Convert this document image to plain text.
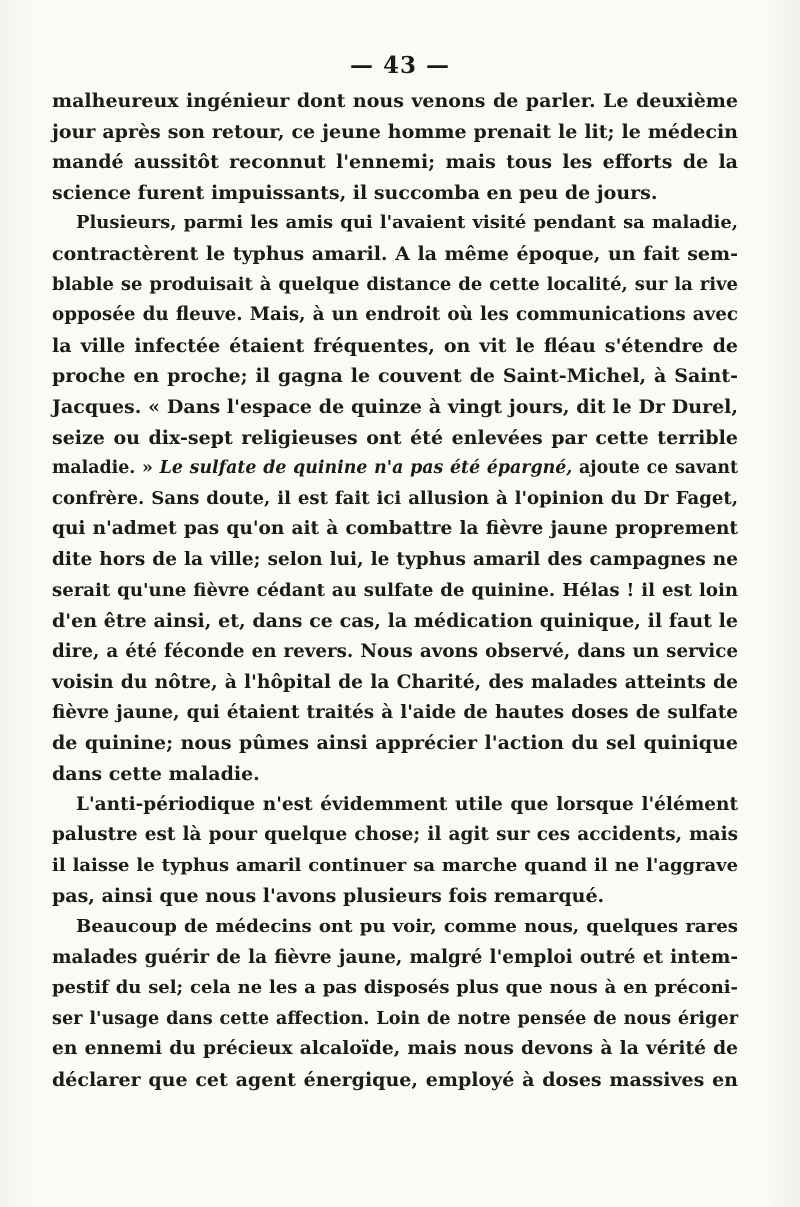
— 43 —
malheureux ingénieur dont nous venons de parler. Le deuxième
jour après son retour, ce jeune homme prenait le lit; le médecin
mandé aussitôt reconnut l'ennemi; mais tous les efforts de la
science furent impuissants, il succomba en peu de jours.
Plusieurs, parmi les amis qui l'avaient visité pendant sa maladie,
contractèrent le typhus amaril. A la même époque, un fait sem-
blable se produisait à quelque distance de cette localité, sur la rive
opposée du fleuve. Mais, à un endroit où les communications avec
la ville infectée étaient fréquentes, on vit le fléau s'étendre de
proche en proche; il gagna le couvent de Saint-Michel, à Saint-
Jacques. « Dans l'espace de quinze à vingt jours, dit le Dr Durel,
seize ou dix-sept religieuses ont été enlevées par cette terrible
maladie. » Le sulfate de quinine n'a pas été épargné, ajoute ce savant
confrère. Sans doute, il est fait ici allusion à l'opinion du Dr Faget,
qui n'admet pas qu'on ait à combattre la fièvre jaune proprement
dite hors de la ville; selon lui, le typhus amaril des campagnes ne
serait qu'une fièvre cédant au sulfate de quinine. Hélas ! il est loin
d'en être ainsi, et, dans ce cas, la médication quinique, il faut le
dire, a été féconde en revers. Nous avons observé, dans un service
voisin du nôtre, à l'hôpital de la Charité, des malades atteints de
fièvre jaune, qui étaient traités à l'aide de hautes doses de sulfate
de quinine; nous pûmes ainsi apprécier l'action du sel quinique
dans cette maladie.
L'anti-périodique n'est évidemment utile que lorsque l'élément
palustre est là pour quelque chose; il agit sur ces accidents, mais
il laisse le typhus amaril continuer sa marche quand il ne l'aggrave
pas, ainsi que nous l'avons plusieurs fois remarqué.
Beaucoup de médecins ont pu voir, comme nous, quelques rares
malades guérir de la fièvre jaune, malgré l'emploi outré et intem-
pestif du sel; cela ne les a pas disposés plus que nous à en préconi-
ser l'usage dans cette affection. Loin de notre pensée de nous ériger
en ennemi du précieux alcaloïde, mais nous devons à la vérité de
déclarer que cet agent énergique, employé à doses massives en
